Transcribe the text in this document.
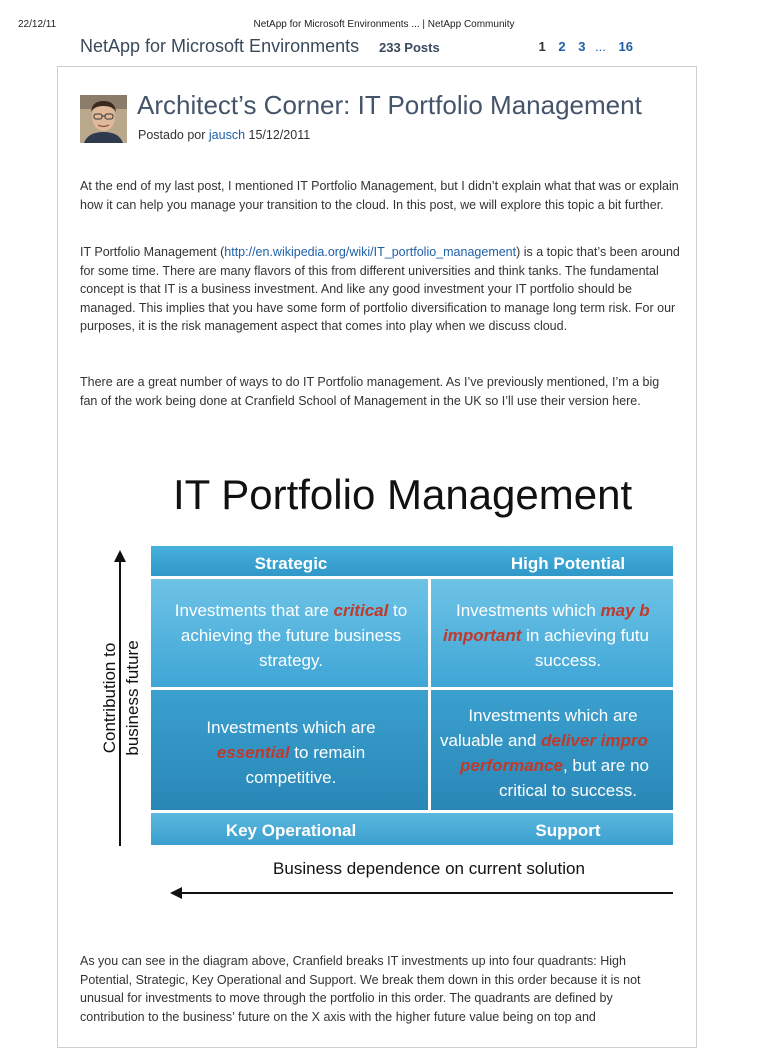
22/12/11	NetApp for Microsoft Environments ... | NetApp Community
NetApp for Microsoft Environments 233 Posts	1 2 3 ... 16
Architect’s Corner: IT Portfolio Management
Postado por jausch 15/12/2011
At the end of my last post, I mentioned IT Portfolio Management, but I didn’t explain what that was or explain how it can help you manage your transition to the cloud. In this post, we will explore this topic a bit further.
IT Portfolio Management (http://en.wikipedia.org/wiki/IT_portfolio_management) is a topic that’s been around for some time. There are many flavors of this from different universities and think tanks. The fundamental concept is that IT is a business investment. And like any good investment your IT portfolio should be managed. This implies that you have some form of portfolio diversification to manage long term risk. For our purposes, it is the risk management aspect that comes into play when we discuss cloud.
There are a great number of ways to do IT Portfolio management. As I’ve previously mentioned, I’m a big fan of the work being done at Cranfield School of Management in the UK so I’ll use their version here.
IT Portfolio Management
Strategic	High Potential
Investments that are critical to
achieving the future business
strategy.
Investments which may b
important in achieving futu
success.
Investments which are
essential to remain
competitive.
Investments which are
valuable and deliver impro
performance, but are no
critical to success.
Key Operational	Support
Contribution to business future
Business dependence on current solution
As you can see in the diagram above, Cranfield breaks IT investments up into four quadrants: High Potential, Strategic, Key Operational and Support. We break them down in this order because it is not unusual for investments to move through the portfolio in this order. The quadrants are defined by contribution to the business’ future on the X axis with the higher future value being on top and
